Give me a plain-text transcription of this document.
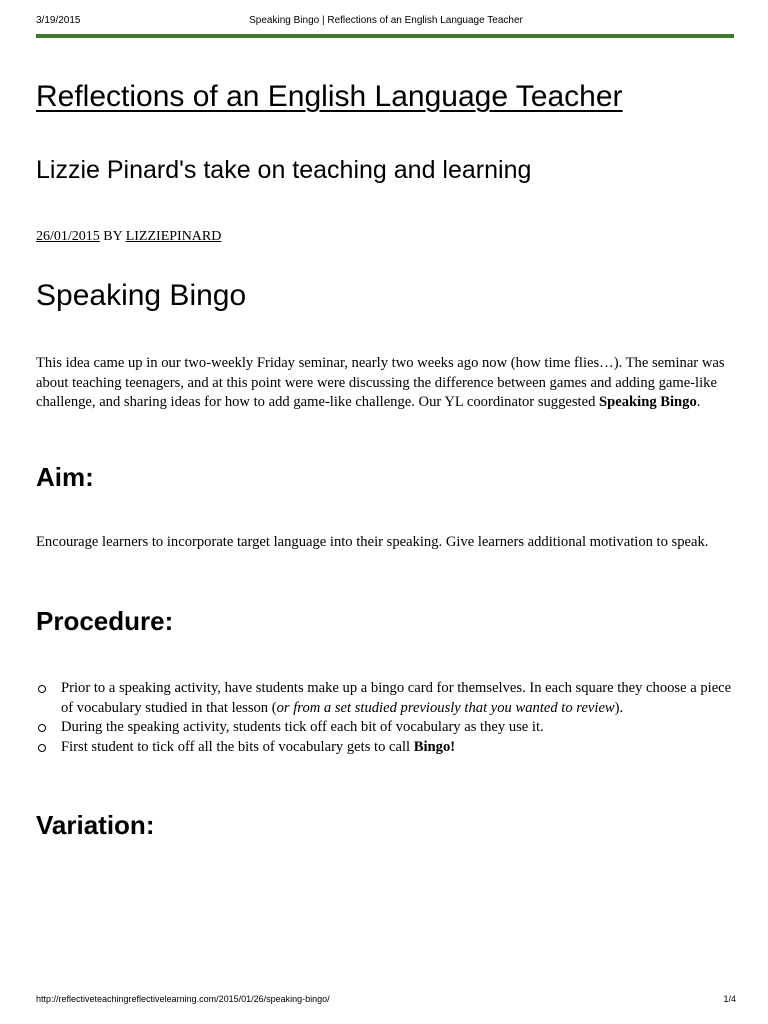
3/19/2015	Speaking Bingo | Reflections of an English Language Teacher
Reflections of an English Language Teacher
Lizzie Pinard's take on teaching and learning

26/01/2015 BY LIZZIEPINARD

Speaking Bingo

This idea came up in our two-weekly Friday seminar, nearly two weeks ago now (how time flies…). The seminar was about teaching teenagers, and at this point were were discussing the difference between games and adding game-like challenge, and sharing ideas for how to add game-like challenge. Our YL coordinator suggested Speaking Bingo.

Aim:

Encourage learners to incorporate target language into their speaking. Give learners additional motivation to speak.

Procedure:
Prior to a speaking activity, have students make up a bingo card for themselves. In each square they choose a piece of vocabulary studied in that lesson (or from a set studied previously that you wanted to review).
During the speaking activity, students tick off each bit of vocabulary as they use it.
First student to tick off all the bits of vocabulary gets to call Bingo!
Variation:
http://reflectiveteachingreflectivelearning.com/2015/01/26/speaking-bingo/	1/4
